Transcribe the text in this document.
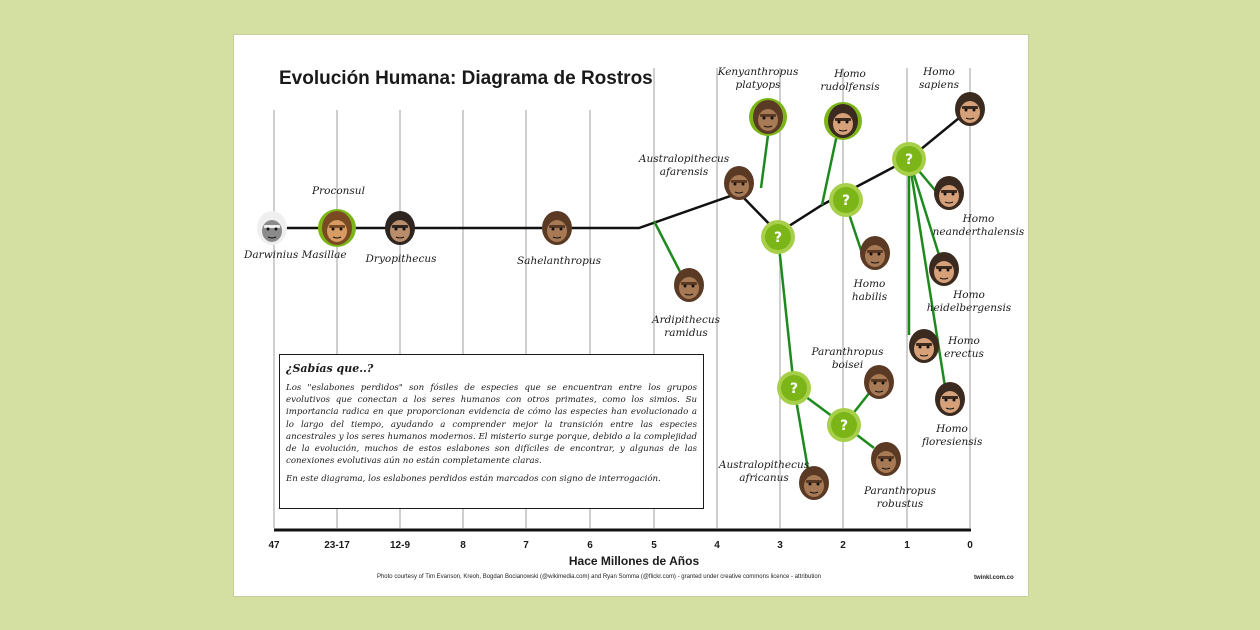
?
?
?
?
?
Evolución Humana: Diagrama de Rostros
Darwinius Masillae
Proconsul
Dryopithecus	Sahelanthropus
Ardipithecus ramidus
Australopithecus afarensis
Kenyanthropus platyops
Homo rudolfensis
Homo sapiens
Homo neanderthalensis
Homo habilis	Homo heidelbergensis
Homo erectus
Paranthropus boisei
Homo floresiensis
Australopithecus africanus
Paranthropus robustus
¿Sabías que..?

Los "eslabones perdidos" son fósiles de especies que se encuentran entre los grupos evolutivos que conectan a los seres humanos con otros primates, como los simios. Su importancia radica en que proporcionan evidencia de cómo las especies han evolucionado a lo largo del tiempo, ayudando a comprender mejor la transición entre las especies ancestrales y los seres humanos modernos. El misterio surge porque, debido a la complejidad de la evolución, muchos de estos eslabones son difíciles de encontrar, y algunas de las conexiones evolutivas aún no están completamente claras.

En este diagrama, los eslabones perdidos están marcados con signo de interrogación.

47	23-17	12-9	8	7	6	5	4	3	2	1	0
Hace Millones de Años
Photo courtesy of Tim Evanson, Kreoh, Bogdan Bocianowski (@wikimedia.com) and Ryan Somma (@flickr.com) - granted under creative commons licence - attribution	twinkl.com.co
